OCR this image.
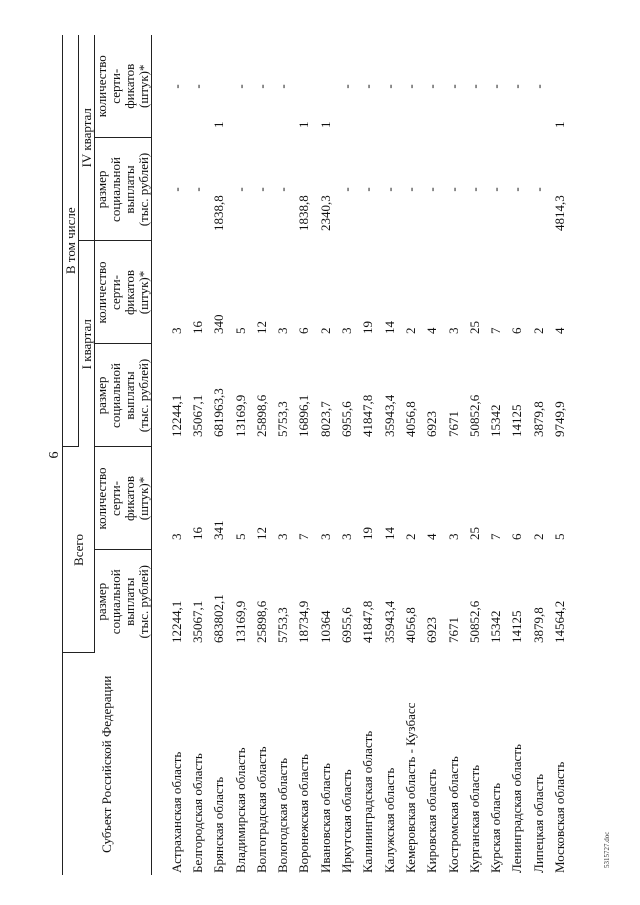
6
5315727.doc
Субъект Российской Федерации	Всего		В том числе			
			I квартал		IV квартал	
	размер
социальной
выплаты
(тыс. рублей)	количество
серти-
фикатов
(штук)*	размер
социальной
выплаты
(тыс. рублей)	количество
серти-
фикатов
(штук)*	размер
социальной
выплаты
(тыс. рублей)	количество
серти-
фикатов
(штук)*
Астраханская область	12244,1	3	12244,1	3	-	-
Белгородская область	35067,1	16	35067,1	16	-	-
Брянская область	683802,1	341	681963,3	340	1838,8	1
Владимирская область	13169,9	5	13169,9	5	-	-
Волгоградская область	25898,6	12	25898,6	12	-	-
Вологодская область	5753,3	3	5753,3	3	-	-
Воронежская область	18734,9	7	16896,1	6	1838,8	1
Ивановская область	10364	3	8023,7	2	2340,3	1
Иркутская область	6955,6	3	6955,6	3	-	-
Калининградская область	41847,8	19	41847,8	19	-	-
Калужская область	35943,4	14	35943,4	14	-	-
Кемеровская область - Кузбасс	4056,8	2	4056,8	2	-	-
Кировская область	6923	4	6923	4	-	-
Костромская область	7671	3	7671	3	-	-
Курганская область	50852,6	25	50852,6	25	-	-
Курская область	15342	7	15342	7	-	-
Ленинградская область	14125	6	14125	6	-	-
Липецкая область	3879,8	2	3879,8	2	-	-
Московская область	14564,2	5	9749,9	4	4814,3	1
